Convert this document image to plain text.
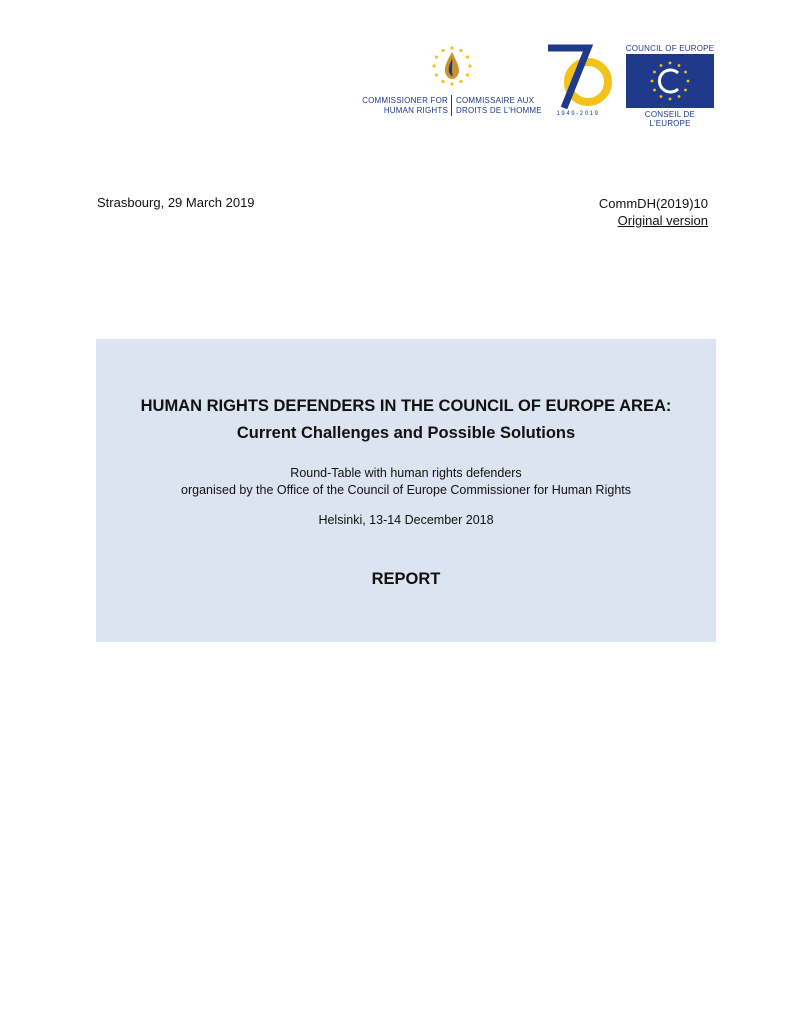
COMMISSIONER FOR HUMAN RIGHTS
COMMISSAIRE AUX DROITS DE L'HOMME
70
1949-2019
COUNCIL OF EUROPE
CONSEIL DE L'EUROPE
Strasbourg, 29 March 2019	CommDH(2019)10
Original version
HUMAN RIGHTS DEFENDERS IN THE COUNCIL OF EUROPE AREA:
Current Challenges and Possible Solutions
Round-Table with human rights defenders
organised by the Office of the Council of Europe Commissioner for Human Rights
Helsinki, 13-14 December 2018
REPORT
